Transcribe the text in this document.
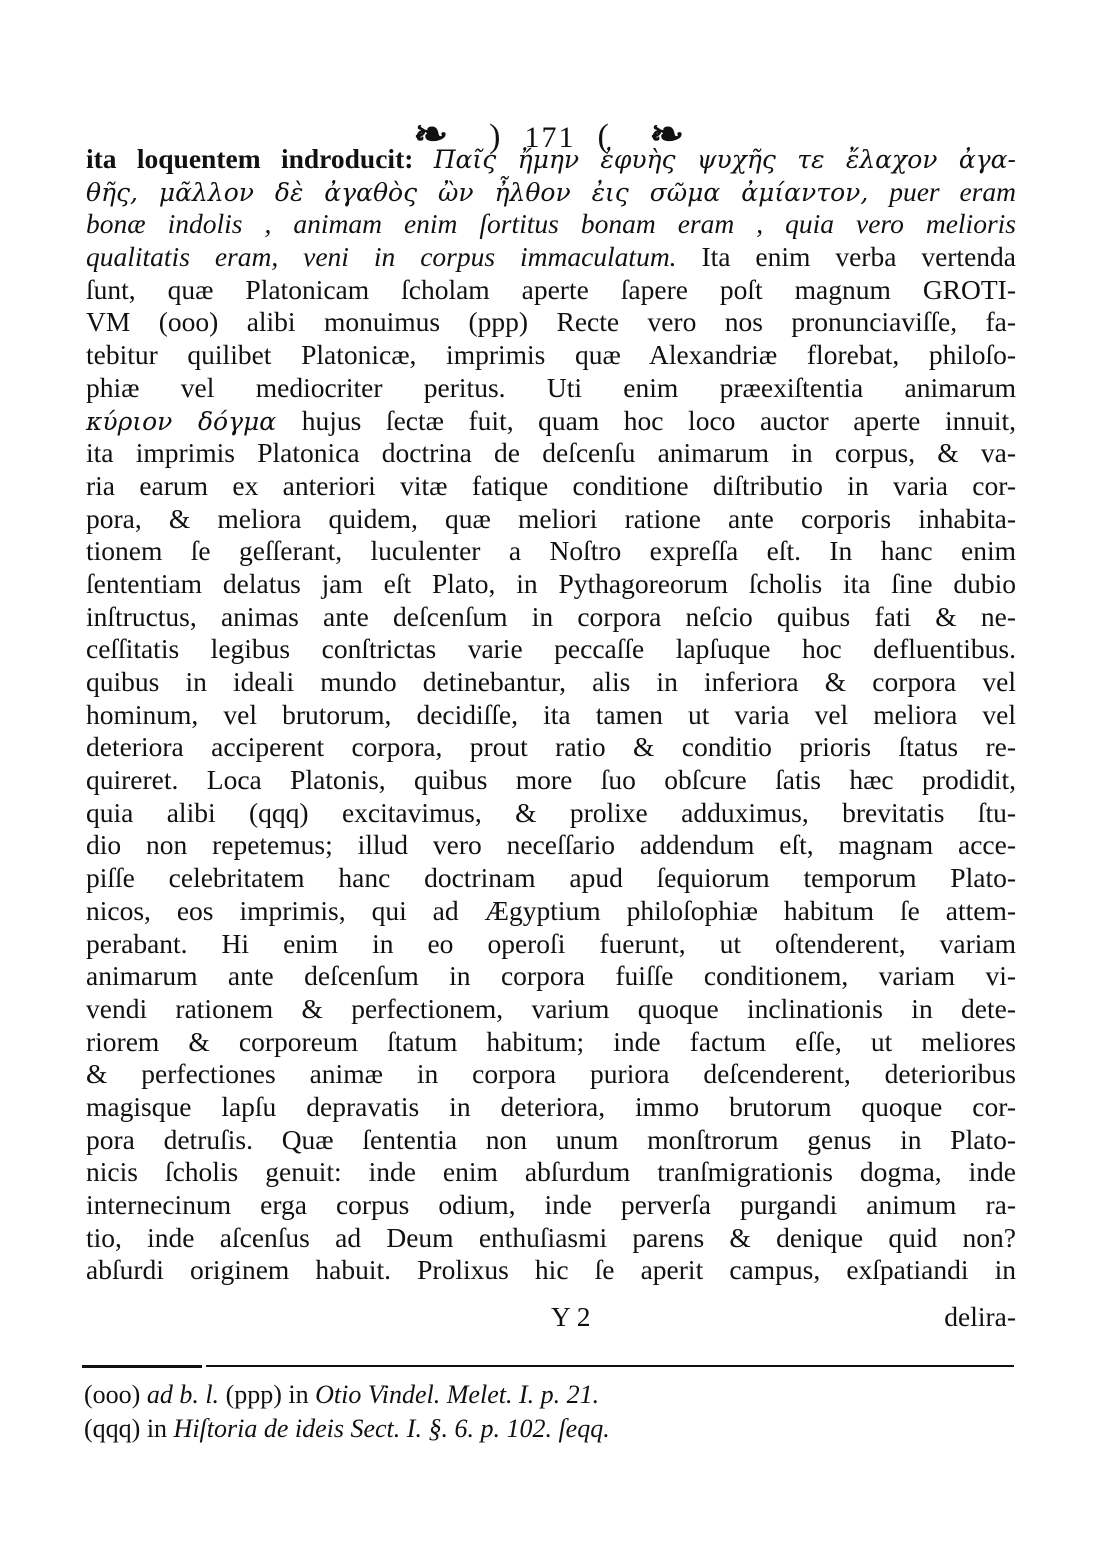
❧ ) 171 ( ❧
ita loquentem indroducit: Παῖς ἤμην ἐφυὴς ψυχῆς τε ἔλαχον ἀγα-
θῆς, μᾶλλον δὲ ἀγαθὸς ὢν ἦλθον ἐις σῶμα ἀμίαντον, puer eram
bonæ indolis , animam enim ſortitus bonam eram , quia vero melioris
qualitatis eram, veni in corpus immaculatum. Ita enim verba vertenda
ſunt, quæ Platonicam ſcholam aperte ſapere poſt magnum GROTI-
VM (ooo) alibi monuimus (ppp) Recte vero nos pronunciaviſſe, fa-
tebitur quilibet Platonicæ, imprimis quæ Alexandriæ florebat, philoſo-
phiæ vel mediocriter peritus. Uti enim præexiſtentia animarum
κύριον δόγμα hujus ſectæ fuit, quam hoc loco auctor aperte innuit,
ita imprimis Platonica doctrina de deſcenſu animarum in corpus, & va-
ria earum ex anteriori vitæ fatique conditione diſtributio in varia cor-
pora, & meliora quidem, quæ meliori ratione ante corporis inhabita-
tionem ſe geſſerant, luculenter a Noſtro expreſſa eſt. In hanc enim
ſententiam delatus jam eſt Plato, in Pythagoreorum ſcholis ita ſine dubio
inſtructus, animas ante deſcenſum in corpora neſcio quibus fati & ne-
ceſſitatis legibus conſtrictas varie peccaſſe lapſuque hoc defluentibus.
quibus in ideali mundo detinebantur, alis in inferiora & corpora vel
hominum, vel brutorum, decidiſſe, ita tamen ut varia vel meliora vel
deteriora acciperent corpora, prout ratio & conditio prioris ſtatus re-
quireret. Loca Platonis, quibus more ſuo obſcure ſatis hæc prodidit,
quia alibi (qqq) excitavimus, & prolixe adduximus, brevitatis ſtu-
dio non repetemus; illud vero neceſſario addendum eſt, magnam acce-
piſſe celebritatem hanc doctrinam apud ſequiorum temporum Plato-
nicos, eos imprimis, qui ad Ægyptium philoſophiæ habitum ſe attem-
perabant. Hi enim in eo operoſi fuerunt, ut oſtenderent, variam
animarum ante deſcenſum in corpora fuiſſe conditionem, variam vi-
vendi rationem & perfectionem, varium quoque inclinationis in dete-
riorem & corporeum ſtatum habitum; inde factum eſſe, ut meliores
& perfectiones animæ in corpora puriora deſcenderent, deterioribus
magisque lapſu depravatis in deteriora, immo brutorum quoque cor-
pora detruſis. Quæ ſententia non unum monſtrorum genus in Plato-
nicis ſcholis genuit: inde enim abſurdum tranſmigrationis dogma, inde
internecinum erga corpus odium, inde perverſa purgandi animum ra-
tio, inde aſcenſus ad Deum enthuſiasmi parens & denique quid non?
abſurdi originem habuit. Prolixus hic ſe aperit campus, exſpatiandi in
Y 2	delira-
(ooo) ad b. l. (ppp) in Otio Vindel. Melet. I. p. 21.
(qqq) in Hiſtoria de ideis Sect. I. §. 6. p. 102. ſeqq.
